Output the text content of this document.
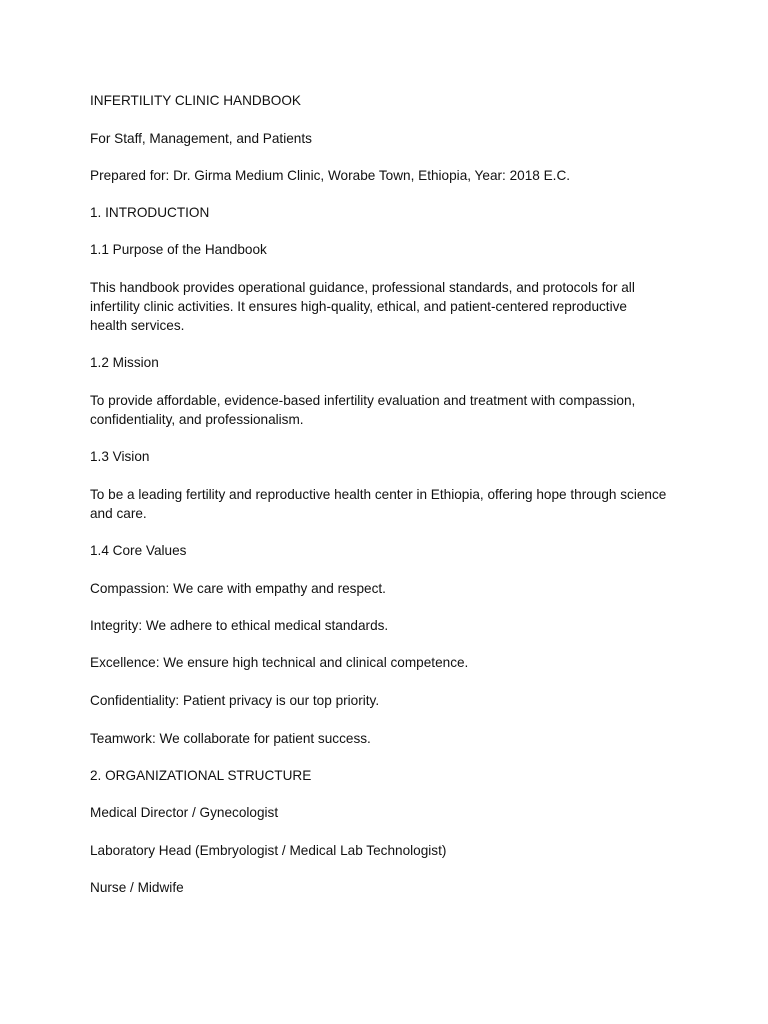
INFERTILITY CLINIC HANDBOOK
For Staff, Management, and Patients
Prepared for: Dr. Girma Medium Clinic, Worabe Town, Ethiopia, Year: 2018 E.C.
1. INTRODUCTION
1.1 Purpose of the Handbook
This handbook provides operational guidance, professional standards, and protocols for all
infertility clinic activities. It ensures high-quality, ethical, and patient-centered reproductive
health services.
1.2 Mission
To provide affordable, evidence-based infertility evaluation and treatment with compassion,
confidentiality, and professionalism.
1.3 Vision
To be a leading fertility and reproductive health center in Ethiopia, offering hope through science
and care.
1.4 Core Values
Compassion: We care with empathy and respect.
Integrity: We adhere to ethical medical standards.
Excellence: We ensure high technical and clinical competence.
Confidentiality: Patient privacy is our top priority.
Teamwork: We collaborate for patient success.
2. ORGANIZATIONAL STRUCTURE
Medical Director / Gynecologist
Laboratory Head (Embryologist / Medical Lab Technologist)
Nurse / Midwife
